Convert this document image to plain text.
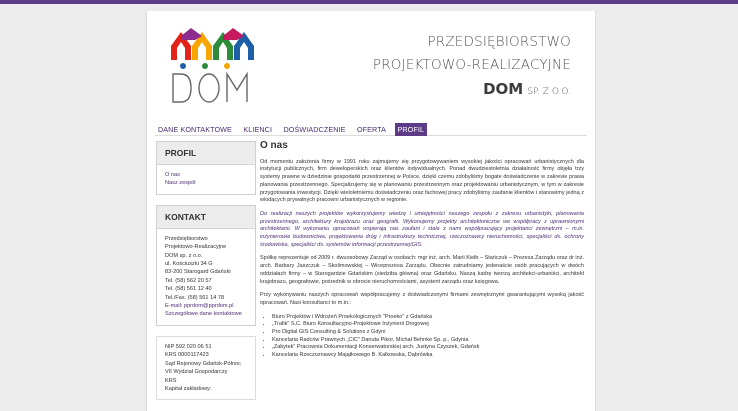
PRZEDSIĘBIORSTWO
PROJEKTOWO-REALIZACYJNE
DOM SP. Z O.O.
DANE KONTAKTOWE KLIENCI DOŚWIADCZENIE OFERTA PROFIL
PROFIL
O nas
Nasz zespół
KONTAKT
Przedsiębiorstwo
Projektowo-Realizacyjne
DOM sp. z o.o.
ul. Kościuszki 34 G
83-200 Starogard Gdański
Tel. (58) 562 20 57
Tel. (58) 561 12 40
Tel./Fax. (58) 561 14 78
E-mail: pprdom@pprdom.pl
Szczegółowe dane kontaktowe
NIP 592 020 06 51
KRS 0000117423
Sąd Rejonowy Gdańsk-Północ
VII Wydział Gospodarczy
KRS
Kapitał zakładowy:
O nas

Od momentu założenia firmy w 1991 roku zajmujemy się przygotowywaniem wysokiej jakości opracowań urbanistycznych dla instytucji publicznych, firm deweloperskich oraz klientów indywidualnych. Ponad dwudziestoletnia działalność firmy objęła trzy systemy prawne w dziedzinie gospodarki przestrzennej w Polsce, dzięki czemu zdobyliśmy bogate doświadczenie w zakresie prawa planowania przestrzennego. Specjalizujemy się w planowaniu przestrzennym oraz projektowaniu urbanistycznym, w tym w zakresie przygotowania inwestycji. Dzięki wieloletniemu doświadczeniu oraz fachowej pracy zdobyliśmy zaufanie klientów i stanowimy jedną z wiodących prywatnych pracowni urbanistycznych w regionie.

Do realizacji naszych projektów wykorzystujemy wiedzę i umiejętności naszego zespołu z zakresu urbanistyki, planowania przestrzennego, architektury krajobrazu oraz geografii. Wykonujemy projekty architektoniczne we współpracy z uprawnionymi architektami. W wykonaniu opracowań wspierają nas zaufani i stale z nami współpracujący projektanci zewnętrzni – m.in. inżynierowie budownictwa, projektowania dróg i infrastruktury technicznej, rzeczoznawcy nieruchomości, specjaliści ds. ochrony środowiska, specjaliści ds. systemów informacji przestrzennej/GIS.

Spółkę reprezentuje od 2009 r. dwuosobowy Zarząd w osobach: mgr inż. arch. Marii Kiełb – Stańczuk – Prezesa Zarządu oraz dr inż. arch. Barbary Jaszczuk – Skolimowskiej – Wiceprezesa Zarządu. Obecnie zatrudniamy jedenaście osób pracujących w dwóch oddziałach firmy – w Starogardzie Gdańskim (siedziba główna) oraz Gdańsku. Naszą kadrę tworzą architekci-urbaniści, architekt krajobrazu, geografowie, pośrednik w obrocie nieruchomościami, asystent zarządu oraz księgowa.

Przy wykonywaniu naszych opracowań współpracujemy z doświadczonymi firmami zewnętrznymi gwarantującymi wysoką jakość opracowań. Nasi konsultanci to m.in.:

• Biuro Projektów i Wdrożeń Proekologicznych "Proeko" z Gdańska
• „Trafik" S.C. Biuro Konsultacyjno-Projektowe Inżynierii Drogowej
• Pro Digital GIS Consulting & Solutions z Gdyni
• Kancelaria Radców Prawnych „CIC" Danuta Pikor, Michał Behnke Sp. p., Gdynia
• „Zabytek" Pracownia Dokumentacji Konserwatorskiej arch. Justyna Czyszek, Gdańsk
• Kancelaria Rzeczoznawcy Majątkowego B. Kalkowska, Dąbrówka
